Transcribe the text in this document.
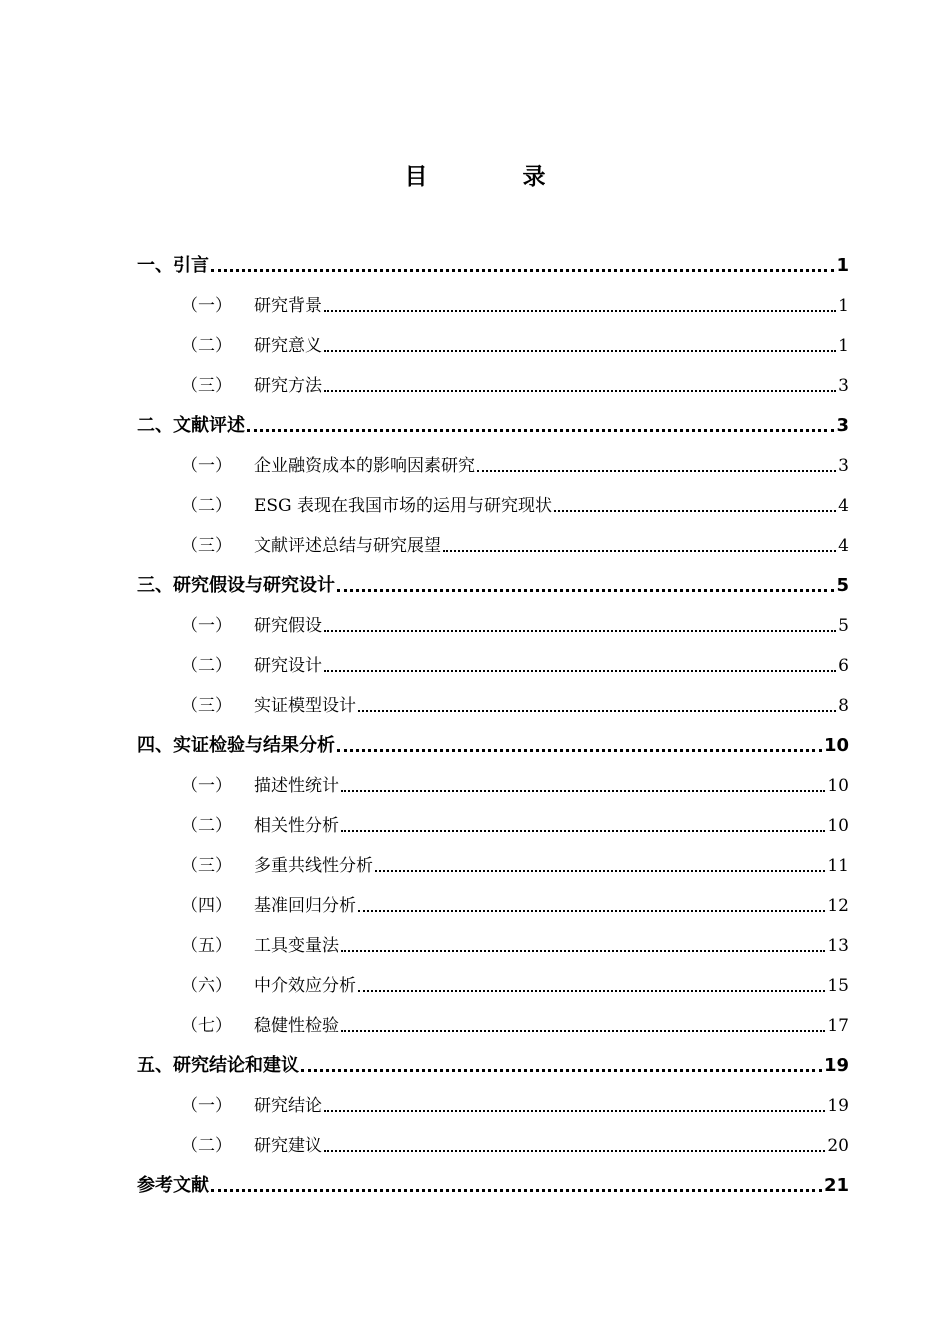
目	录
一、引言	1
（一） 研究背景	1
（二） 研究意义	1
（三） 研究方法	3
二、文献评述	3
（一） 企业融资成本的影响因素研究	3
（二） ESG 表现在我国市场的运用与研究现状	4
（三） 文献评述总结与研究展望	4
三、研究假设与研究设计	5
（一） 研究假设	5
（二） 研究设计	6
（三） 实证模型设计	8
四、实证检验与结果分析	10
（一） 描述性统计	10
（二） 相关性分析	10
（三） 多重共线性分析	11
（四） 基准回归分析	12
（五） 工具变量法	13
（六） 中介效应分析	15
（七） 稳健性检验	17
五、研究结论和建议	19
（一） 研究结论	19
（二） 研究建议	20
参考文献	21
